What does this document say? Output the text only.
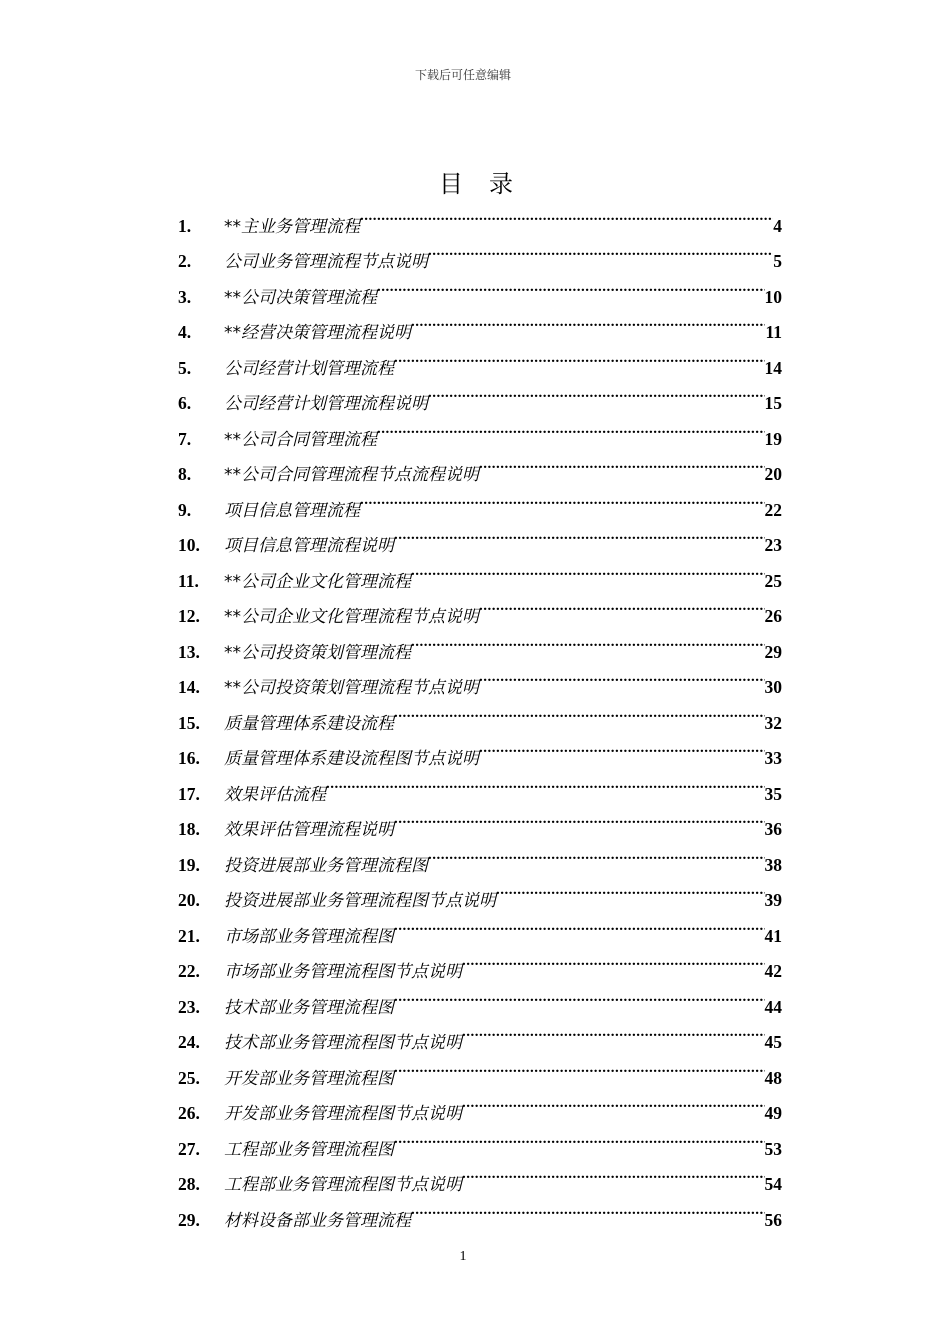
下载后可任意编辑
目录
1.	**主业务管理流程 .....	4
2.	公司业务管理流程节点说明 .....	5
3.	**公司决策管理流程 .....	10
4.	**经营决策管理流程说明 .....	11
5.	公司经营计划管理流程 .....	14
6.	公司经营计划管理流程说明 .....	15
7.	**公司合同管理流程 .....	19
8.	**公司合同管理流程节点流程说明 .....	20
9.	项目信息管理流程 .....	22
10.	项目信息管理流程说明 .....	23
11.	**公司企业文化管理流程 .....	25
12.	**公司企业文化管理流程节点说明 .....	26
13.	**公司投资策划管理流程 .....	29
14.	**公司投资策划管理流程节点说明 .....	30
15.	质量管理体系建设流程 .....	32
16.	质量管理体系建设流程图节点说明 .....	33
17.	效果评估流程 .....	35
18.	效果评估管理流程说明 .....	36
19.	投资进展部业务管理流程图 .....	38
20.	投资进展部业务管理流程图节点说明 .....	39
21.	市场部业务管理流程图 .....	41
22.	市场部业务管理流程图节点说明 .....	42
23.	技术部业务管理流程图 .....	44
24.	技术部业务管理流程图节点说明 .....	45
25.	开发部业务管理流程图 .....	48
26.	开发部业务管理流程图节点说明 .....	49
27.	工程部业务管理流程图 .....	53
28.	工程部业务管理流程图节点说明 .....	54
29.	材料设备部业务管理流程 .....	56
1
